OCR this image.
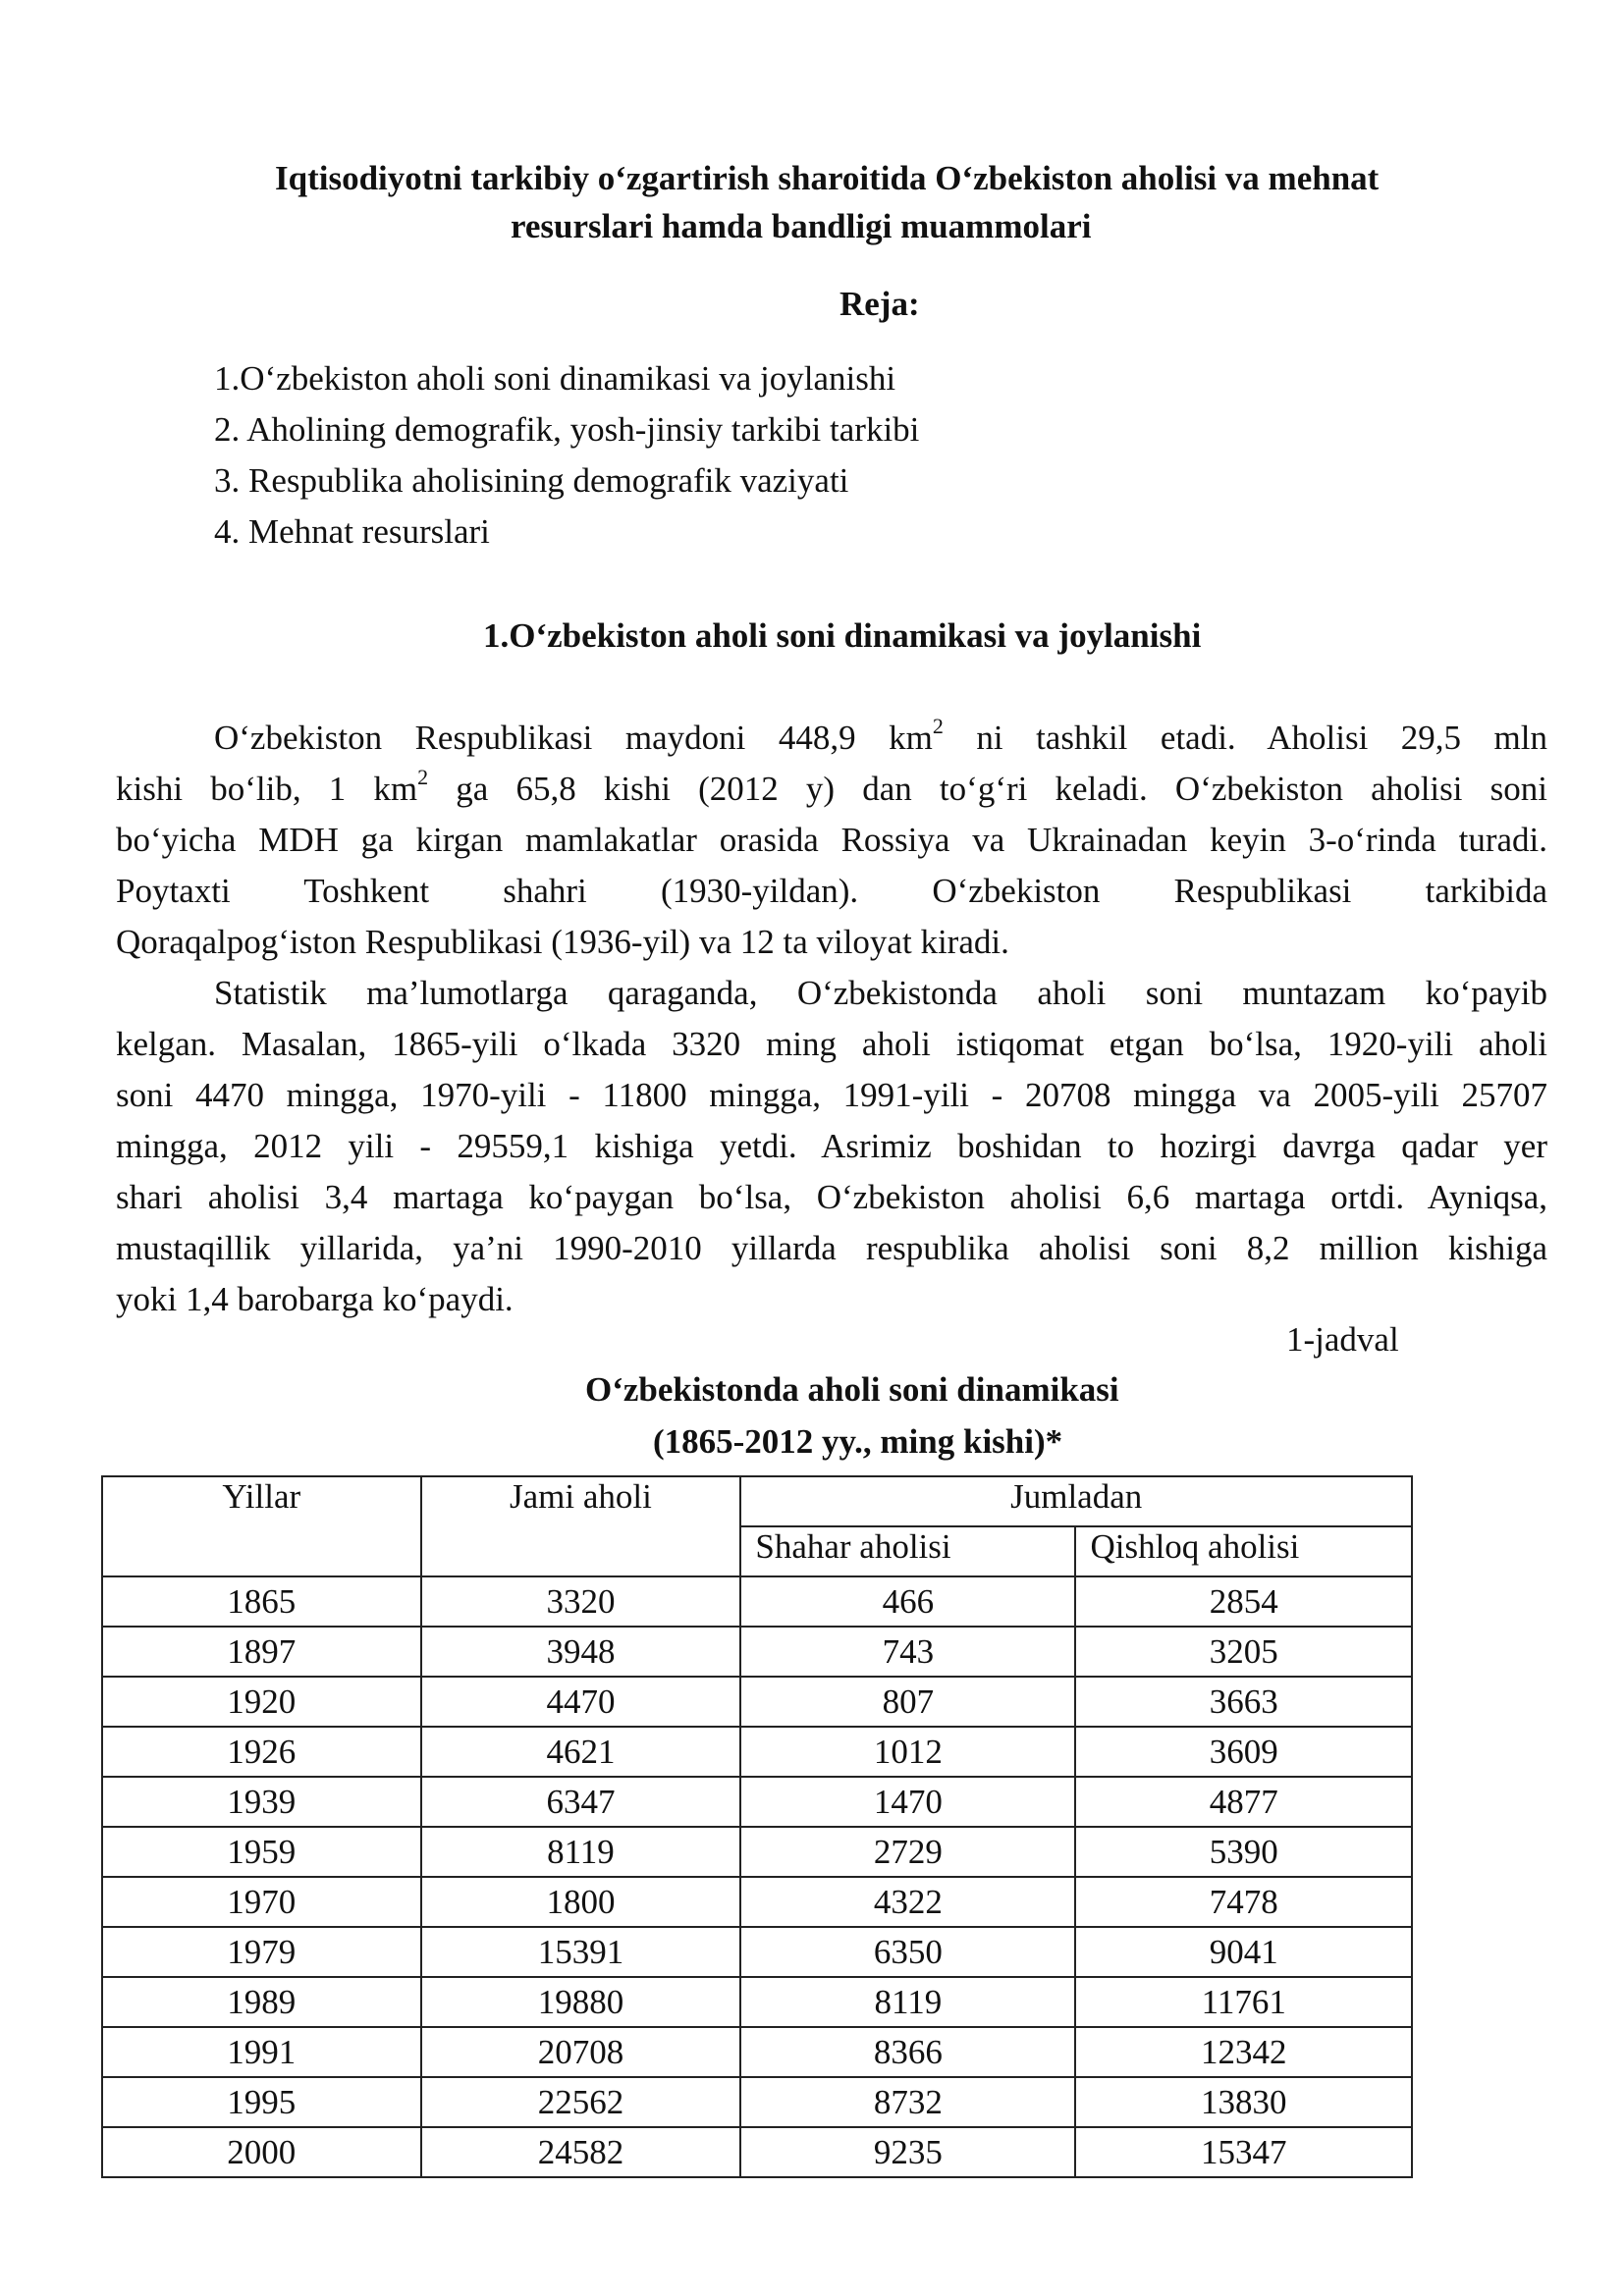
Iqtisodiyotni tarkibiy o‘zgartirish sharoitida O‘zbekiston aholisi va mehnat
resurslari hamda bandligi muammolari
Reja:
1.O‘zbekiston aholi soni dinamikasi va joylanishi
2. Aholining demografik, yosh-jinsiy tarkibi tarkibi
3. Respublika aholisining demografik vaziyati
4. Mehnat resurslari
1.O‘zbekiston aholi soni dinamikasi va joylanishi
O‘zbekiston Respublikasi maydoni 448,9 $km^2$ ni tashkil etadi. Aholisi 29,5 mln
kishi bo‘lib, 1 $km^2$ ga 65,8 kishi (2012 y) dan to‘g‘ri keladi. O‘zbekiston aholisi soni
bo‘yicha MDH ga kirgan mamlakatlar orasida Rossiya va Ukrainadan keyin 3-o‘rinda turadi.
Poytaxti Toshkent shahri (1930-yildan). O‘zbekiston Respublikasi tarkibida
Qoraqalpog‘iston Respublikasi (1936-yil) va 12 ta viloyat kiradi.
Statistik ma’lumotlarga qaraganda, O‘zbekistonda aholi soni muntazam ko‘payib
kelgan. Masalan, 1865-yili o‘lkada 3320 ming aholi istiqomat etgan bo‘lsa, 1920-yili aholi
soni 4470 mingga, 1970-yili - 11800 mingga, 1991-yili - 20708 mingga va 2005-yili 25707
mingga, 2012 yili - 29559,1 kishiga yetdi. Asrimiz boshidan to hozirgi davrga qadar yer
shari aholisi 3,4 martaga ko‘paygan bo‘lsa, O‘zbekiston aholisi 6,6 martaga ortdi. Ayniqsa,
mustaqillik yillarida, ya’ni 1990-2010 yillarda respublika aholisi soni 8,2 million kishiga
yoki 1,4 barobarga ko‘paydi.
1-jadval
O‘zbekistonda aholi soni dinamikasi
(1865-2012 yy., ming kishi)*
Yillar	Jami aholi	Jumladan	
		Shahar aholisi	Qishloq aholisi
1865	3320	466	2854
1897	3948	743	3205
1920	4470	807	3663
1926	4621	1012	3609
1939	6347	1470	4877
1959	8119	2729	5390
1970	1800	4322	7478
1979	15391	6350	9041
1989	19880	8119	11761
1991	20708	8366	12342
1995	22562	8732	13830
2000	24582	9235	15347
